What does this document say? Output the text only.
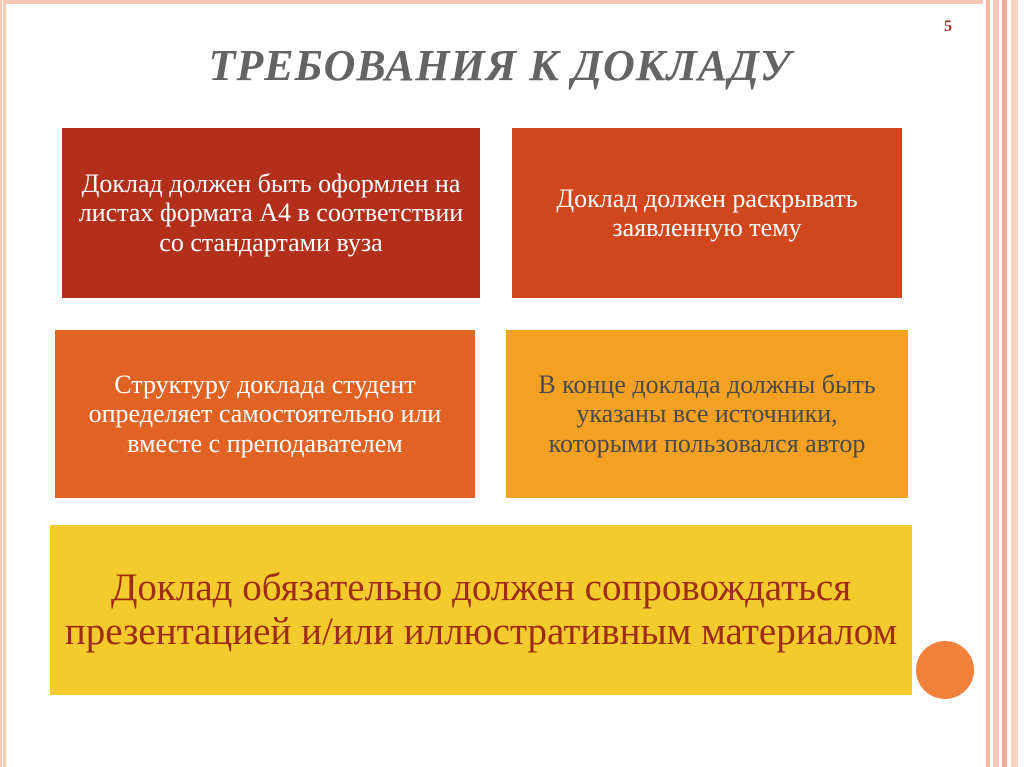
5
ТРЕБОВАНИЯ К ДОКЛАДУ
Доклад должен быть оформлен на листах формата А4 в соответствии со стандартами вуза
Доклад должен раскрывать заявленную тему
Структуру доклада студент определяет самостоятельно или вместе с преподавателем
В конце доклада должны быть указаны все источники, которыми пользовался автор
Доклад обязательно должен сопровождаться презентацией и/или иллюстративным материалом
